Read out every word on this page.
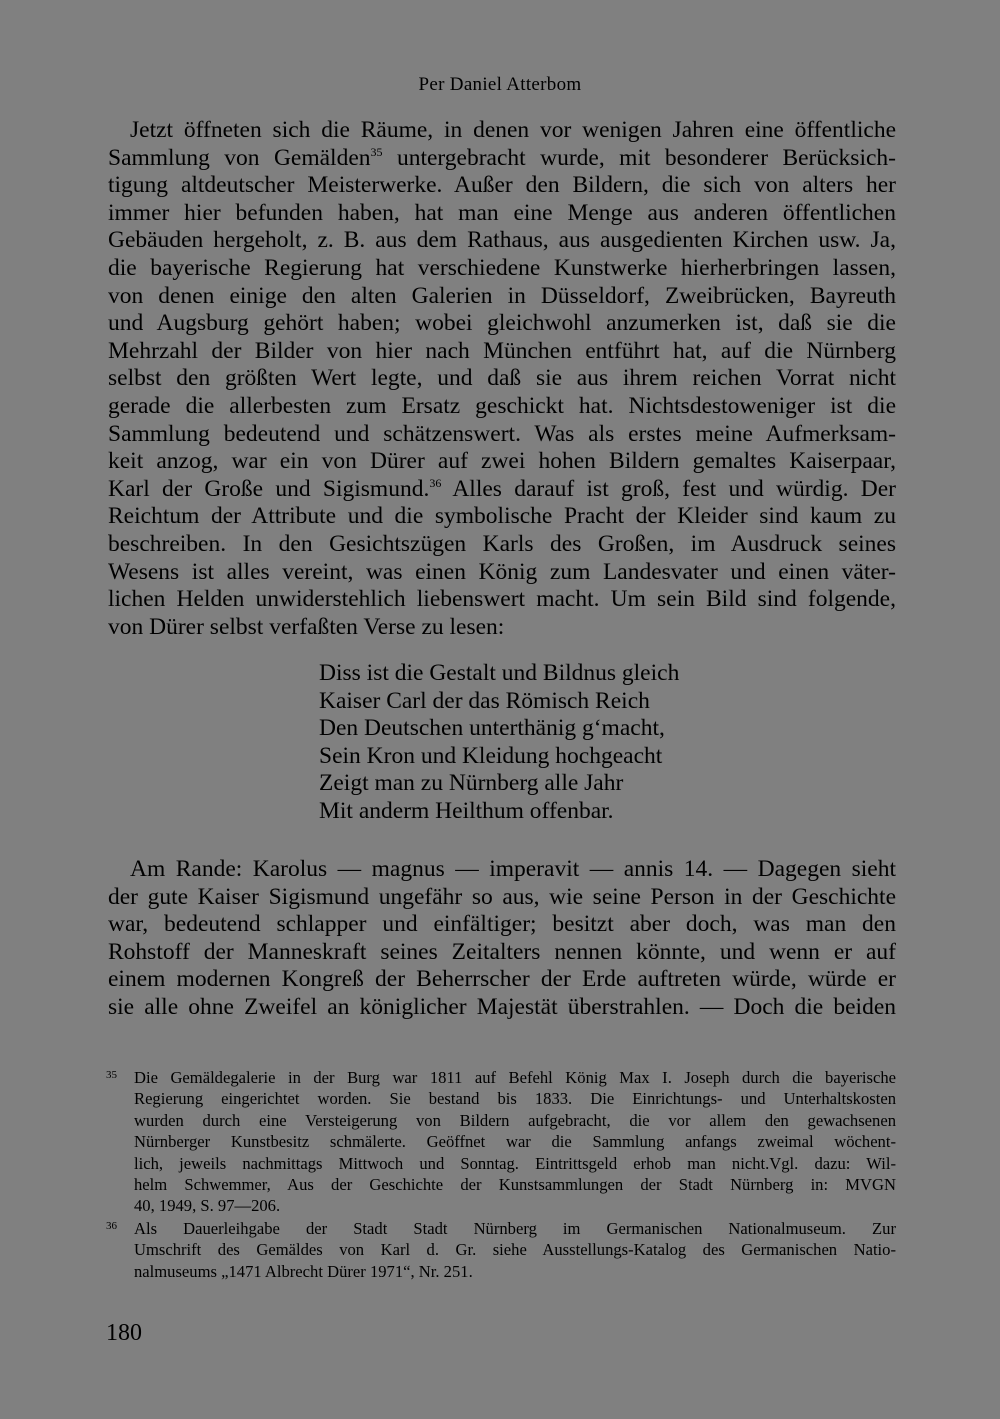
Per Daniel Atterbom
Jetzt öffneten sich die Räume, in denen vor wenigen Jahren eine öffentliche
Sammlung von Gemälden$^{35}$ untergebracht wurde, mit besonderer Berücksich-
tigung altdeutscher Meisterwerke. Außer den Bildern, die sich von alters her
immer hier befunden haben, hat man eine Menge aus anderen öffentlichen
Gebäuden hergeholt, z. B. aus dem Rathaus, aus ausgedienten Kirchen usw. Ja,
die bayerische Regierung hat verschiedene Kunstwerke hierherbringen lassen,
von denen einige den alten Galerien in Düsseldorf, Zweibrücken, Bayreuth
und Augsburg gehört haben; wobei gleichwohl anzumerken ist, daß sie die
Mehrzahl der Bilder von hier nach München entführt hat, auf die Nürnberg
selbst den größten Wert legte, und daß sie aus ihrem reichen Vorrat nicht
gerade die allerbesten zum Ersatz geschickt hat. Nichtsdestoweniger ist die
Sammlung bedeutend und schätzenswert. Was als erstes meine Aufmerksam-
keit anzog, war ein von Dürer auf zwei hohen Bildern gemaltes Kaiserpaar,
Karl der Große und Sigismund.$^{36}$ Alles darauf ist groß, fest und würdig. Der
Reichtum der Attribute und die symbolische Pracht der Kleider sind kaum zu
beschreiben. In den Gesichtszügen Karls des Großen, im Ausdruck seines
Wesens ist alles vereint, was einen König zum Landesvater und einen väter-
lichen Helden unwiderstehlich liebenswert macht. Um sein Bild sind folgende,
von Dürer selbst verfaßten Verse zu lesen:
Diss ist die Gestalt und Bildnus gleich
Kaiser Carl der das Römisch Reich
Den Deutschen unterthänig g‘macht,
Sein Kron und Kleidung hochgeacht
Zeigt man zu Nürnberg alle Jahr
Mit anderm Heilthum offenbar.
Am Rande: Karolus — magnus — imperavit — annis 14. — Dagegen sieht
der gute Kaiser Sigismund ungefähr so aus, wie seine Person in der Geschichte
war, bedeutend schlapper und einfältiger; besitzt aber doch, was man den
Rohstoff der Manneskraft seines Zeitalters nennen könnte, und wenn er auf
einem modernen Kongreß der Beherrscher der Erde auftreten würde, würde er
sie alle ohne Zweifel an königlicher Majestät überstrahlen. — Doch die beiden
35 Die Gemäldegalerie in der Burg war 1811 auf Befehl König Max I. Joseph durch die bayerische
Regierung eingerichtet worden. Sie bestand bis 1833. Die Einrichtungs- und Unterhaltskosten
wurden durch eine Versteigerung von Bildern aufgebracht, die vor allem den gewachsenen
Nürnberger Kunstbesitz schmälerte. Geöffnet war die Sammlung anfangs zweimal wöchent-
lich, jeweils nachmittags Mittwoch und Sonntag. Eintrittsgeld erhob man nicht.Vgl. dazu: Wil-
helm Schwemmer, Aus der Geschichte der Kunstsammlungen der Stadt Nürnberg in: MVGN
40, 1949, S. 97—206.
36 Als Dauerleihgabe der Stadt Stadt Nürnberg im Germanischen Nationalmuseum. Zur
Umschrift des Gemäldes von Karl d. Gr. siehe Ausstellungs-Katalog des Germanischen Natio-
nalmuseums „1471 Albrecht Dürer 1971“, Nr. 251.
180
